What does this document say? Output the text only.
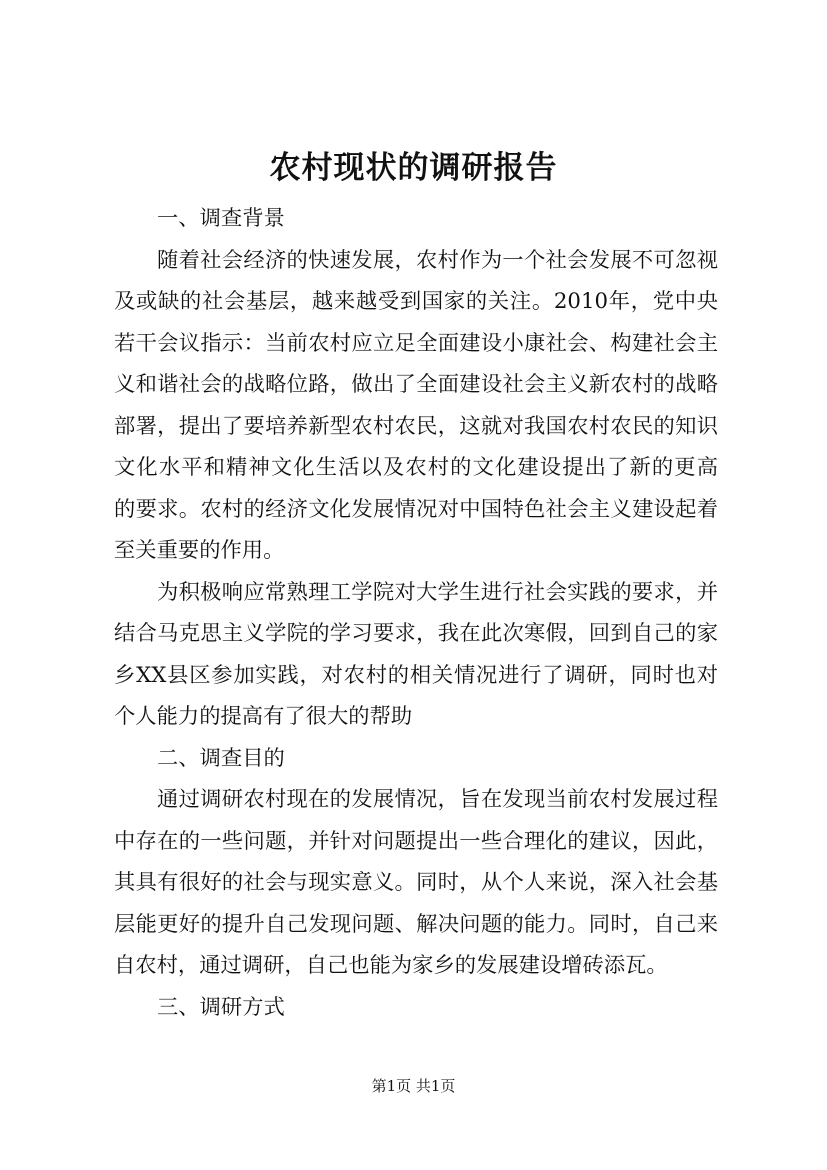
农村现状的调研报告
一、调查背景
随着社会经济的快速发展，农村作为一个社会发展不可忽视
及或缺的社会基层，越来越受到国家的关注。2010年，党中央
若干会议指示：当前农村应立足全面建设小康社会、构建社会主
义和谐社会的战略位路，做出了全面建设社会主义新农村的战略
部署，提出了要培养新型农村农民，这就对我国农村农民的知识
文化水平和精神文化生活以及农村的文化建设提出了新的更高
的要求。农村的经济文化发展情况对中国特色社会主义建设起着
至关重要的作用。
为积极响应常熟理工学院对大学生进行社会实践的要求，并
结合马克思主义学院的学习要求，我在此次寒假，回到自己的家
乡XX县区参加实践，对农村的相关情况进行了调研，同时也对
个人能力的提高有了很大的帮助
二、调查目的
通过调研农村现在的发展情况，旨在发现当前农村发展过程
中存在的一些问题，并针对问题提出一些合理化的建议，因此，
其具有很好的社会与现实意义。同时，从个人来说，深入社会基
层能更好的提升自己发现问题、解决问题的能力。同时，自己来
自农村，通过调研，自己也能为家乡的发展建设增砖添瓦。
三、调研方式
第1页 共1页
